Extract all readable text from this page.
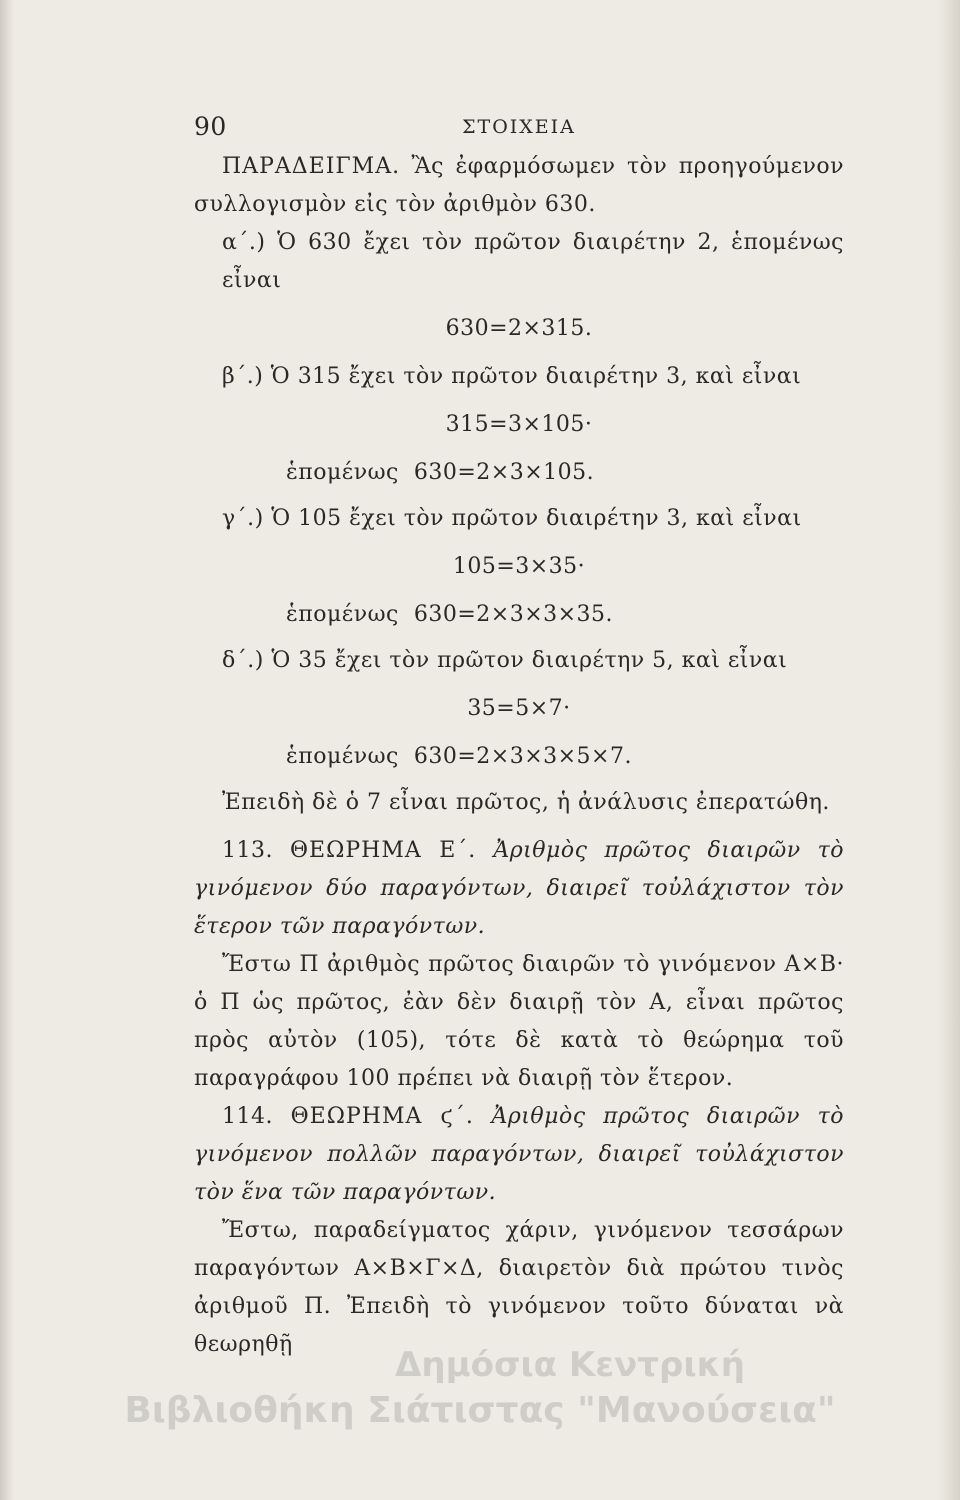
90	ΣΤΟΙΧΕΙΑ

ΠΑΡΑΔΕΙΓΜΑ. Ἂς ἐφαρμόσωμεν τὸν προηγούμενον συλλογισμὸν εἰς τὸν ἀριθμὸν 630.

α΄.) Ὁ 630 ἔχει τὸν πρῶτον διαιρέτην 2, ἑπομένως εἶναι

630=2×315.

β΄.) Ὁ 315 ἔχει τὸν πρῶτον διαιρέτην 3, καὶ εἶναι

315=3×105·

ἑπομένως 630=2×3×105.

γ΄.) Ὁ 105 ἔχει τὸν πρῶτον διαιρέτην 3, καὶ εἶναι

105=3×35·

ἑπομένως 630=2×3×3×35.

δ΄.) Ὁ 35 ἔχει τὸν πρῶτον διαιρέτην 5, καὶ εἶναι

35=5×7·

ἑπομένως 630=2×3×3×5×7.

Ἐπειδὴ δὲ ὁ 7 εἶναι πρῶτος, ἡ ἀνάλυσις ἐπερατώθη.

113. ΘΕΩΡΗΜΑ Ε΄. Ἀριθμὸς πρῶτος διαιρῶν τὸ γινόμενον δύο παραγόντων, διαιρεῖ τοὐλάχιστον τὸν ἕτερον τῶν παραγόντων.

Ἔστω Π ἀριθμὸς πρῶτος διαιρῶν τὸ γινόμενον Α×Β· ὁ Π ὡς πρῶτος, ἐὰν δὲν διαιρῇ τὸν Α, εἶναι πρῶτος πρὸς αὐτὸν (105), τότε δὲ κατὰ τὸ θεώρημα τοῦ παραγράφου 100 πρέπει νὰ διαιρῇ τὸν ἕτερον.

114. ΘΕΩΡΗΜΑ ϛ΄. Ἀριθμὸς πρῶτος διαιρῶν τὸ γινόμενον πολλῶν παραγόντων, διαιρεῖ τοὐλάχιστον τὸν ἕνα τῶν παραγόντων.

Ἔστω, παραδείγματος χάριν, γινόμενον τεσσάρων παραγόντων Α×Β×Γ×Δ, διαιρετὸν διὰ πρώτου τινὸς ἀριθμοῦ Π. Ἐπειδὴ τὸ γινόμενον τοῦτο δύναται νὰ θεωρηθῇ

Δημόσια Κεντρική
Βιβλιοθήκη Σιάτιστας "Μανούσεια"
